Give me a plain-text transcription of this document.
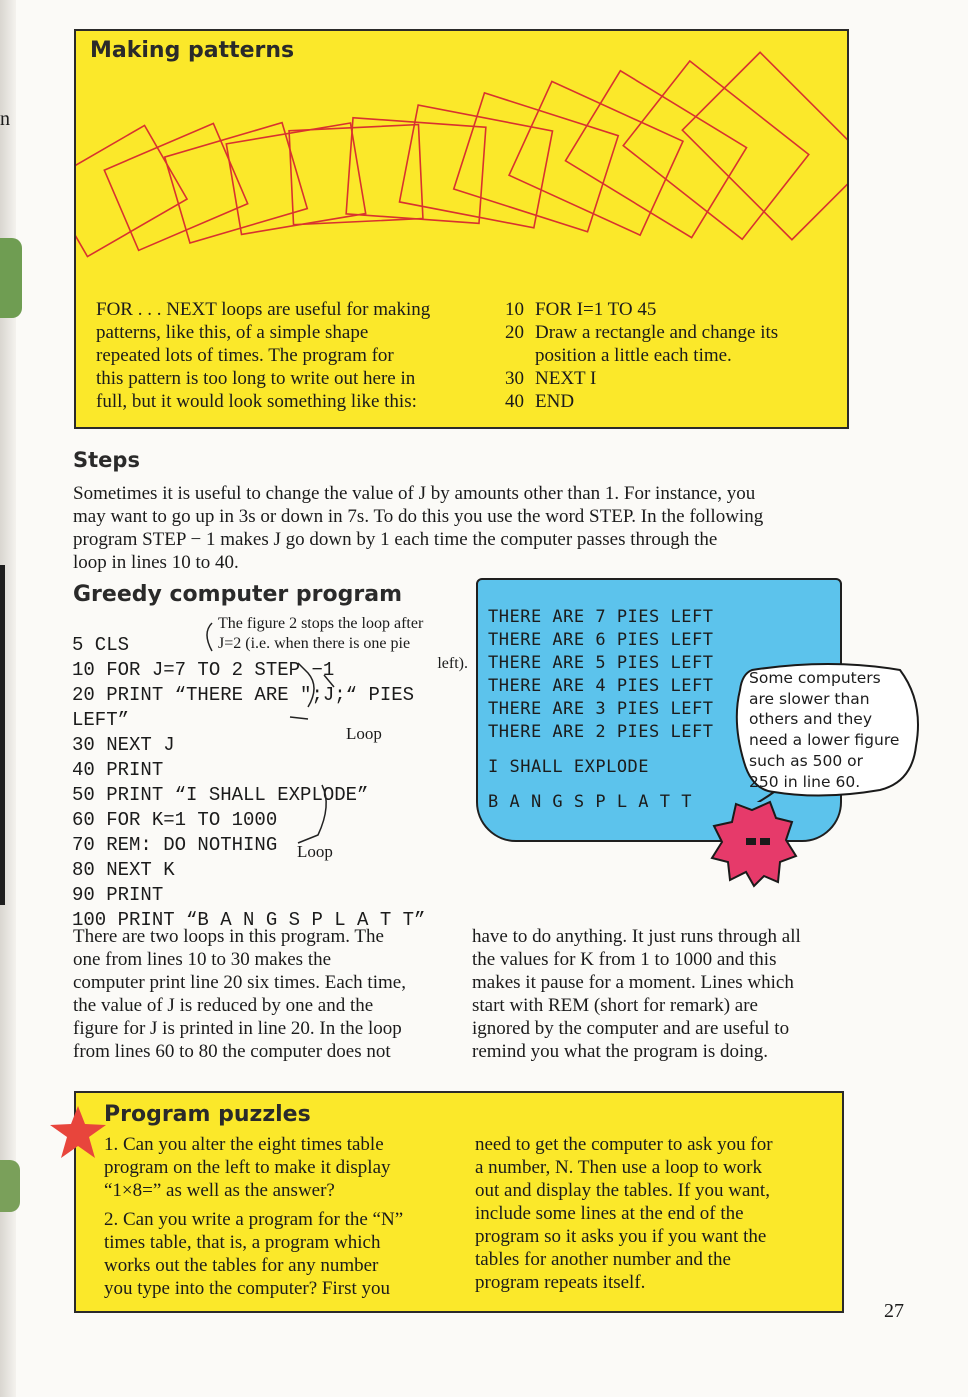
n
Making patterns
FOR . . . NEXT loops are useful for making
patterns, like this, of a simple shape
repeated lots of times. The program for
this pattern is too long to write out here in
full, but it would look something like this:
10 FOR I=1 TO 45
20 Draw a rectangle and change its
position a little each time.
30 NEXT I
40 END
Steps
Sometimes it is useful to change the value of J by amounts other than 1. For instance, you
may want to go up in 3s or down in 7s. To do this you use the word STEP. In the following
program STEP − 1 makes J go down by 1 each time the computer passes through the
loop in lines 10 to 40.
Greedy computer program
The figure 2 stops the loop after
J=2 (i.e. when there is one pie
left).
5 CLS
10 FOR J=7 TO 2 STEP −1
20 PRINT “THERE ARE ";J;“ PIES LEFT”
30 NEXT J
40 PRINT
50 PRINT “I SHALL EXPLODE”
60 FOR K=1 TO 1000
70 REM: DO NOTHING
80 NEXT K
90 PRINT
100 PRINT “B A N G S P L A T T”
Loop
Loop
THERE ARE 7 PIES LEFT
THERE ARE 6 PIES LEFT
THERE ARE 5 PIES LEFT
THERE ARE 4 PIES LEFT
THERE ARE 3 PIES LEFT
THERE ARE 2 PIES LEFT
I SHALL EXPLODE
B A N G S P L A T T
Some computers
are slower than
others and they
need a lower figure
such as 500 or
250 in line 60.
There are two loops in this program. The
one from lines 10 to 30 makes the
computer print line 20 six times. Each time,
the value of J is reduced by one and the
figure for J is printed in line 20. In the loop
from lines 60 to 80 the computer does not
have to do anything. It just runs through all
the values for K from 1 to 1000 and this
makes it pause for a moment. Lines which
start with REM (short for remark) are
ignored by the computer and are useful to
remind you what the program is doing.
Program puzzles
1. Can you alter the eight times table
program on the left to make it display
“1×8=” as well as the answer?
2. Can you write a program for the “N”
times table, that is, a program which
works out the tables for any number
you type into the computer? First you
need to get the computer to ask you for
a number, N. Then use a loop to work
out and display the tables. If you want,
include some lines at the end of the
program so it asks you if you want the
tables for another number and the
program repeats itself.
27
